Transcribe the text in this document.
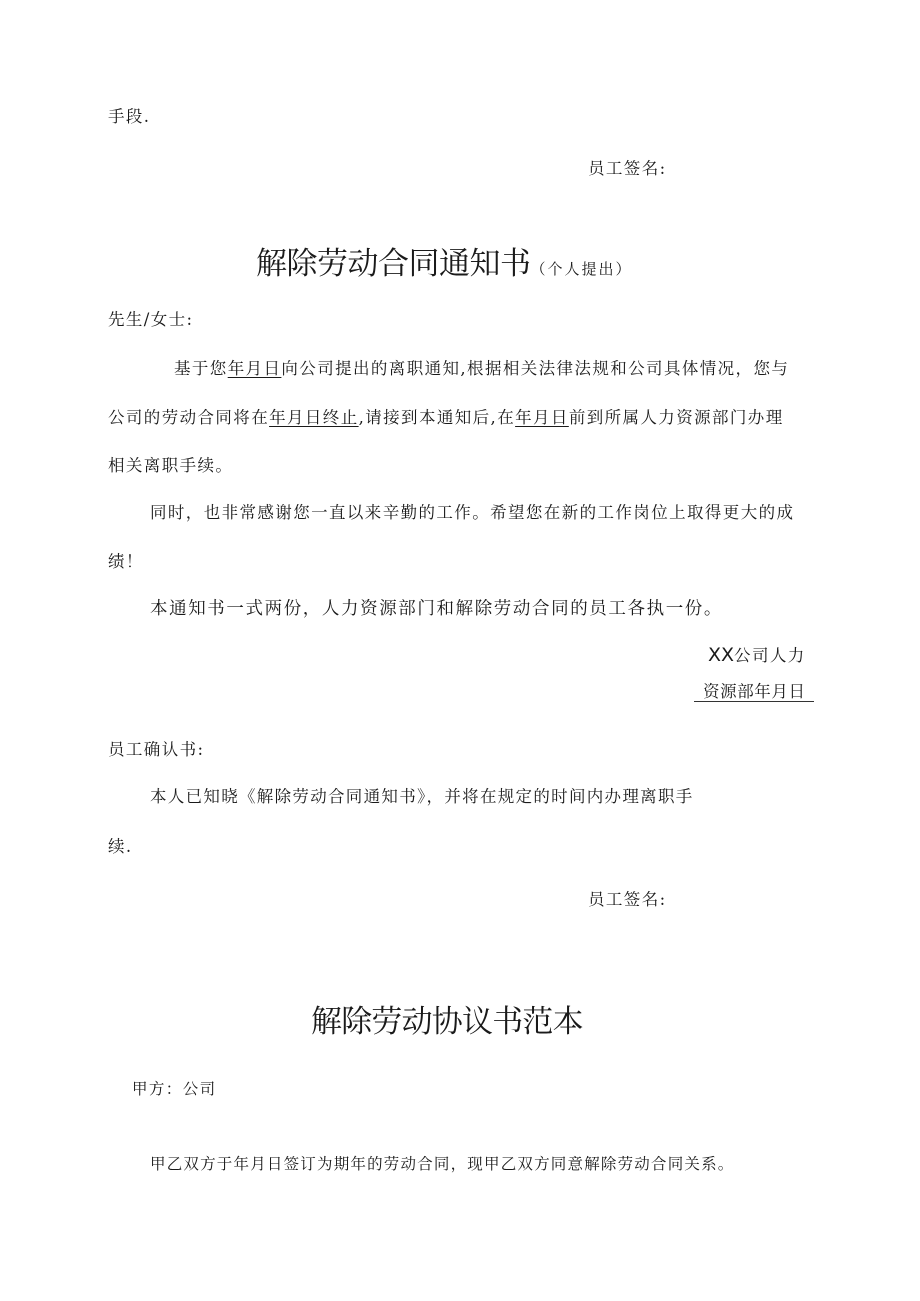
手段.
员工签名:
解除劳动合同通知书（个人提出）
先生/女士:
基于您年月日向公司提出的离职通知,根据相关法律法规和公司具体情况，您与
公司的劳动合同将在年月日终止,请接到本通知后,在年月日前到所属人力资源部门办理
相关离职手续。
同时，也非常感谢您一直以来辛勤的工作。希望您在新的工作岗位上取得更大的成
绩！
本通知书一式两份，人力资源部门和解除劳动合同的员工各执一份。
XX公司人力
资源部年月日
员工确认书:
本人已知晓《解除劳动合同通知书》，并将在规定的时间内办理离职手
续.
员工签名:
解除劳动协议书范本
甲方：公司
甲乙双方于年月日签订为期年的劳动合同，现甲乙双方同意解除劳动合同关系。
